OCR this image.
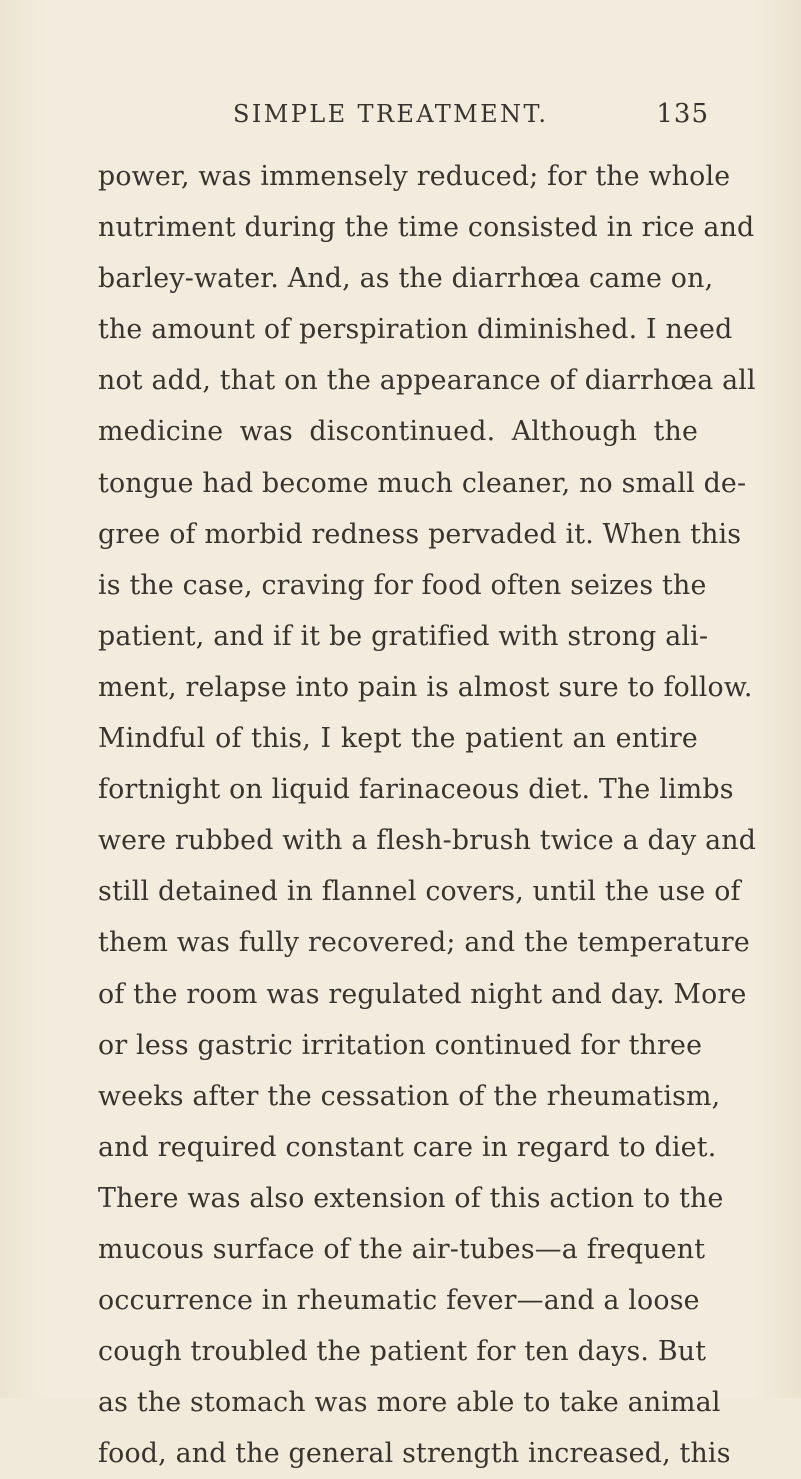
SIMPLE TREATMENT.	135
power, was immensely reduced; for the whole
nutriment during the time consisted in rice and
barley-water. And, as the diarrhœa came on,
the amount of perspiration diminished. I need
not add, that on the appearance of diarrhœa all
medicine was discontinued. Although the
tongue had become much cleaner, no small de-
gree of morbid redness pervaded it. When this
is the case, craving for food often seizes the
patient, and if it be gratified with strong ali-
ment, relapse into pain is almost sure to follow.
Mindful of this, I kept the patient an entire
fortnight on liquid farinaceous diet. The limbs
were rubbed with a flesh-brush twice a day and
still detained in flannel covers, until the use of
them was fully recovered; and the temperature
of the room was regulated night and day. More
or less gastric irritation continued for three
weeks after the cessation of the rheumatism,
and required constant care in regard to diet.
There was also extension of this action to the
mucous surface of the air-tubes—a frequent
occurrence in rheumatic fever—and a loose
cough troubled the patient for ten days. But
as the stomach was more able to take animal
food, and the general strength increased, this
